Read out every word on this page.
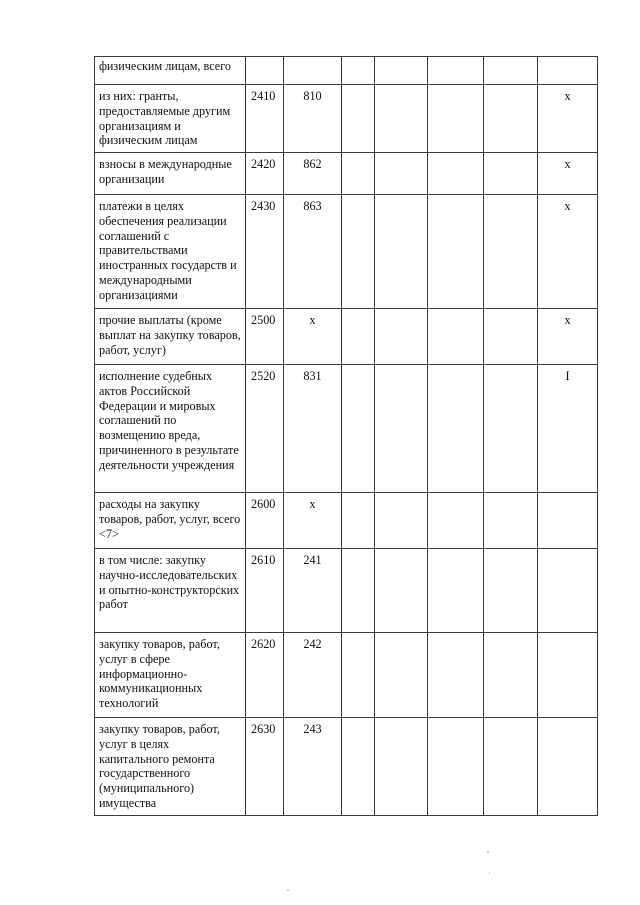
физическим лицам, всего							
из них: гранты, предоставляемые другим организациям и физическим лицам	2410	810					x
взносы в международные организации	2420	862					x
платежи в целях обеспечения реализации соглашений с правительствами иностранных государств и международными организациями	2430	863					x
прочие выплаты (кроме выплат на закупку товаров, работ, услуг)	2500	x					x
исполнение судебных актов Российской Федерации и мировых соглашений по возмещению вреда, причиненного в результате деятельности учреждения	2520	831					I
расходы на закупку товаров, работ, услуг, всего <7>	2600	x					
в том числе: закупку научно-исследовательских и опытно-конструкторских работ	2610	241					
закупку товаров, работ, услуг в сфере информационно-коммуникационных технологий	2620	242					
закупку товаров, работ, услуг в целях капитального ремонта государственного (муниципального) имущества	2630	243					
